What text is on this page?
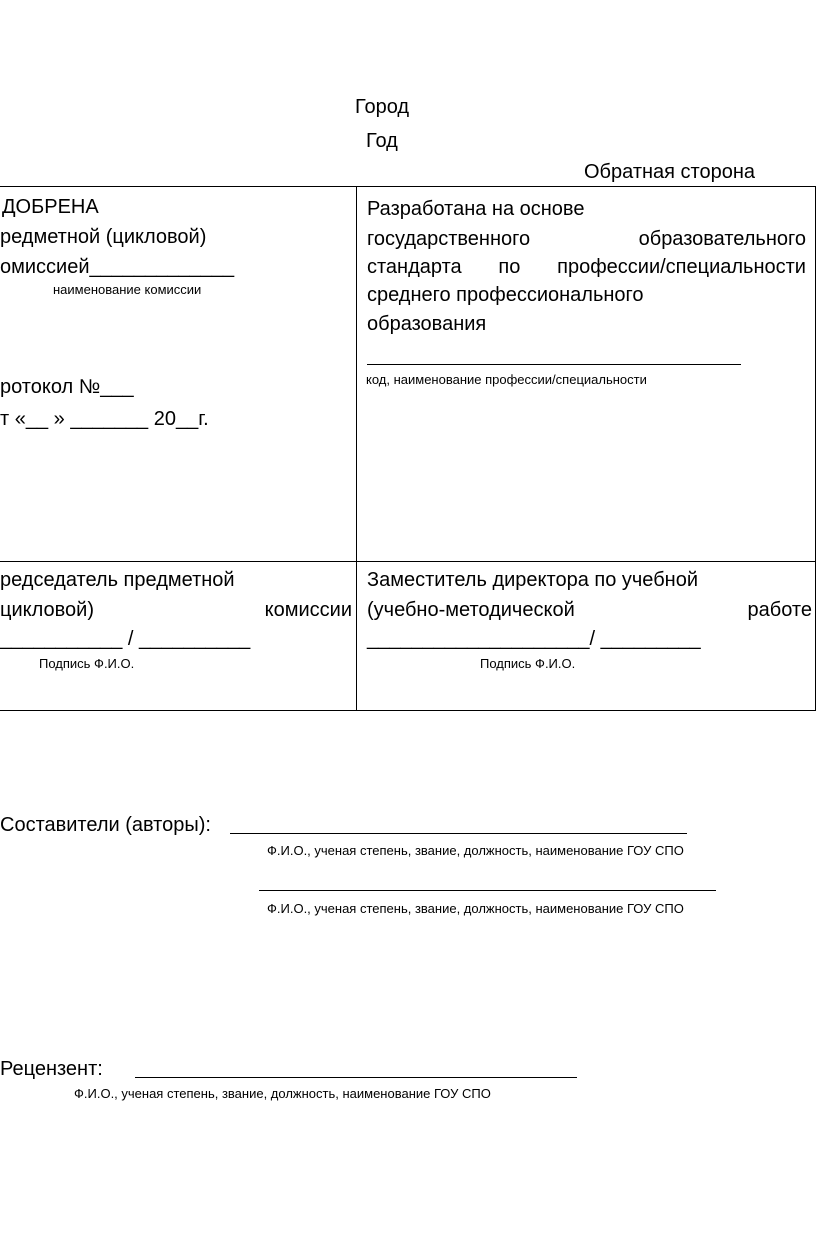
Город
Год
Обратная сторона
ДОБРЕНА
редметной (цикловой)
омиссией_____________
наименование комиссии
ротокол №___
т «__ » _______ 20__г.
Разработана на основе
государственного	образовательного
стандарта по профессии/специальности
среднего профессионального
образования
код, наименование профессии/специальности
редседатель предметной
цикловой)	комиссии
___________ / __________
Подпись Ф.И.О.
Заместитель директора по учебной
(учебно-методической	работе
____________________/ _________
Подпись Ф.И.О.
Составители (авторы):
Ф.И.О., ученая степень, звание, должность, наименование ГОУ СПО
Ф.И.О., ученая степень, звание, должность, наименование ГОУ СПО
Рецензент:
Ф.И.О., ученая степень, звание, должность, наименование ГОУ СПО
